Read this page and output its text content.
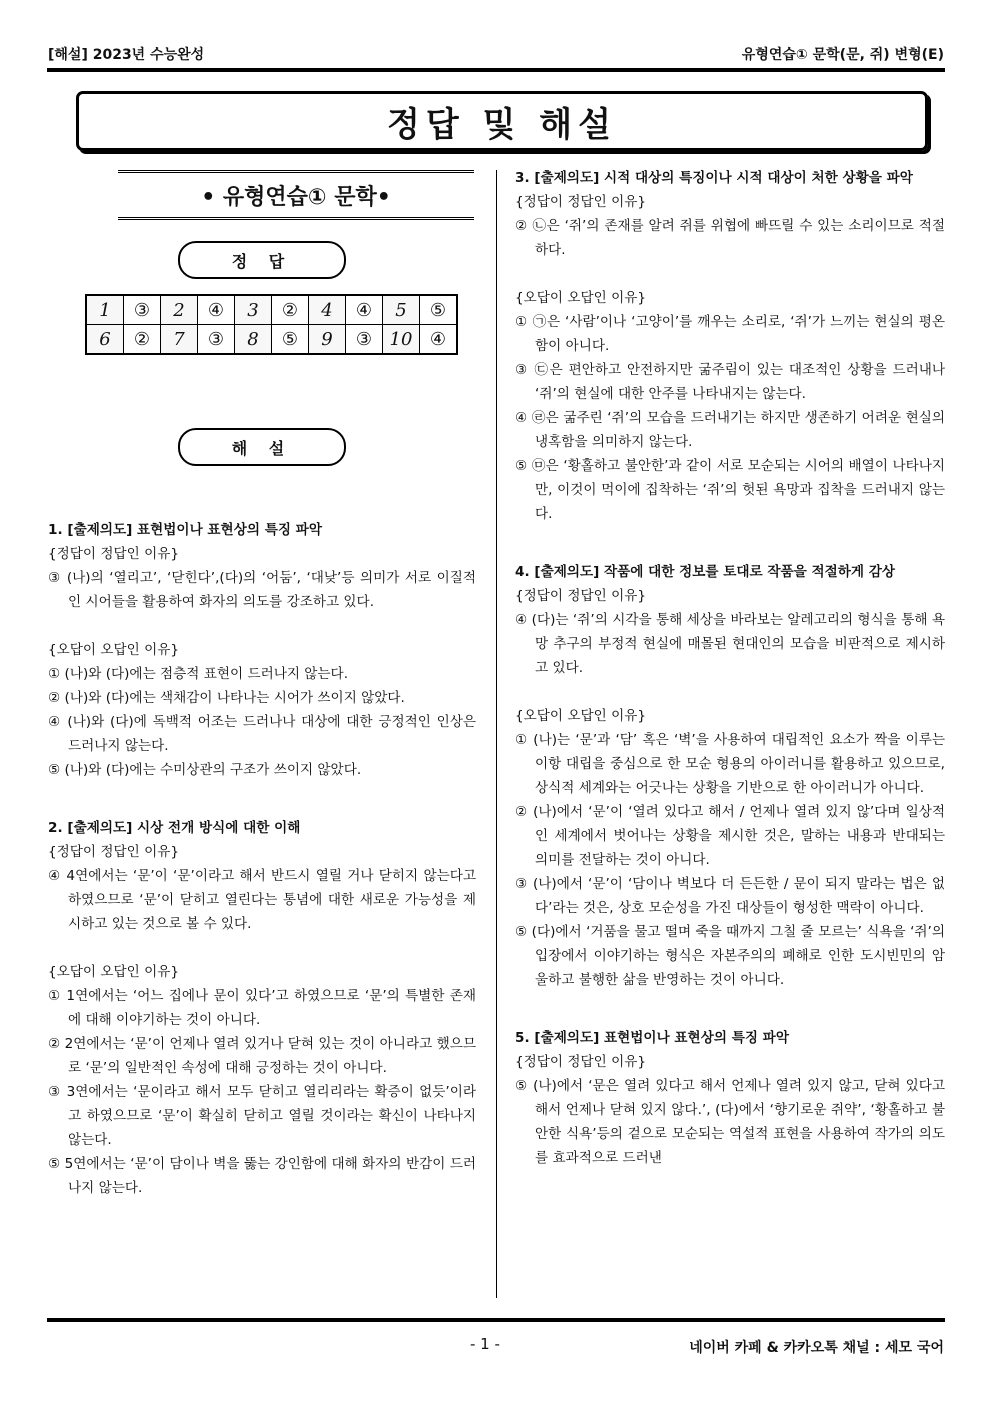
[해설] 2023년 수능완성	유형연습① 문학(문, 쥐) 변형(E)
정답 및 해설
• 유형연습① 문학•
정 답
1	③	2	④	3	②	4	④	5	⑤
6	②	7	③	8	⑤	9	③	10	④
해 설
1. [출제의도] 표현법이나 표현상의 특징 파악
{정답이 정답인 이유}
③ (나)의 ‘열리고’, ‘닫힌다’,(다)의 ‘어둠’, ‘대낮’등 의미가 서로 이질적인 시어들을 활용하여 화자의 의도를 강조하고 있다.
{오답이 오답인 이유}
① (나)와 (다)에는 점층적 표현이 드러나지 않는다.
② (나)와 (다)에는 색채감이 나타나는 시어가 쓰이지 않았다.
④ (나)와 (다)에 독백적 어조는 드러나나 대상에 대한 긍정적인 인상은 드러나지 않는다.
⑤ (나)와 (다)에는 수미상관의 구조가 쓰이지 않았다.
2. [출제의도] 시상 전개 방식에 대한 이해
{정답이 정답인 이유}
④ 4연에서는 ‘문’이 ‘문’이라고 해서 반드시 열릴 거나 닫히지 않는다고 하였으므로 ‘문’이 닫히고 열린다는 통념에 대한 새로운 가능성을 제시하고 있는 것으로 볼 수 있다.
{오답이 오답인 이유}
① 1연에서는 ‘어느 집에나 문이 있다’고 하였으므로 ‘문’의 특별한 존재에 대해 이야기하는 것이 아니다.
② 2연에서는 ‘문’이 언제나 열려 있거나 닫혀 있는 것이 아니라고 했으므로 ‘문’의 일반적인 속성에 대해 긍정하는 것이 아니다.
③ 3연에서는 ‘문이라고 해서 모두 닫히고 열리리라는 확증이 없듯’이라고 하였으므로 ‘문’이 확실히 닫히고 열릴 것이라는 확신이 나타나지 않는다.
⑤ 5연에서는 ‘문’이 담이나 벽을 뚫는 강인함에 대해 화자의 반감이 드러나지 않는다.
3. [출제의도] 시적 대상의 특징이나 시적 대상이 처한 상황을 파악
{정답이 정답인 이유}
② ㉡은 ‘쥐’의 존재를 알려 쥐를 위협에 빠뜨릴 수 있는 소리이므로 적절하다.
{오답이 오답인 이유}
① ㉠은 ‘사람’이나 ‘고양이’를 깨우는 소리로, ‘쥐’가 느끼는 현실의 평온함이 아니다.
③ ㉢은 편안하고 안전하지만 굶주림이 있는 대조적인 상황을 드러내나 ‘쥐’의 현실에 대한 안주를 나타내지는 않는다.
④ ㉣은 굶주린 ‘쥐’의 모습을 드러내기는 하지만 생존하기 어려운 현실의 냉혹함을 의미하지 않는다.
⑤ ㉤은 ‘황홀하고 불안한’과 같이 서로 모순되는 시어의 배열이 나타나지만, 이것이 먹이에 집착하는 ‘쥐’의 헛된 욕망과 집착을 드러내지 않는다.
4. [출제의도] 작품에 대한 정보를 토대로 작품을 적절하게 감상
{정답이 정답인 이유}
④ (다)는 ‘쥐’의 시각을 통해 세상을 바라보는 알레고리의 형식을 통해 욕망 추구의 부정적 현실에 매몰된 현대인의 모습을 비판적으로 제시하고 있다.
{오답이 오답인 이유}
① (나)는 ‘문’과 ‘담’ 혹은 ‘벽’을 사용하여 대립적인 요소가 짝을 이루는 이항 대립을 중심으로 한 모순 형용의 아이러니를 활용하고 있으므로, 상식적 세계와는 어긋나는 상황을 기반으로 한 아이러니가 아니다.
② (나)에서 ‘문’이 ‘열려 있다고 해서 / 언제나 열려 있지 않’다며 일상적인 세계에서 벗어나는 상황을 제시한 것은, 말하는 내용과 반대되는 의미를 전달하는 것이 아니다.
③ (나)에서 ‘문’이 ‘담이나 벽보다 더 든든한 / 문이 되지 말라는 법은 없다’라는 것은, 상호 모순성을 가진 대상들이 형성한 맥락이 아니다.
⑤ (다)에서 ‘거품을 물고 떨며 죽을 때까지 그칠 줄 모르는’ 식욕을 ‘쥐’의 입장에서 이야기하는 형식은 자본주의의 폐해로 인한 도시빈민의 암울하고 불행한 삶을 반영하는 것이 아니다.
5. [출제의도] 표현법이나 표현상의 특징 파악
{정답이 정답인 이유}
⑤ (나)에서 ‘문은 열려 있다고 해서 언제나 열려 있지 않고, 닫혀 있다고 해서 언제나 닫혀 있지 않다.’, (다)에서 ‘향기로운 쥐약’, ‘황홀하고 불안한 식욕’등의 겉으로 모순되는 역설적 표현을 사용하여 작가의 의도를 효과적으로 드러낸
- 1 -	네이버 카페 & 카카오톡 채널 : 세모 국어
